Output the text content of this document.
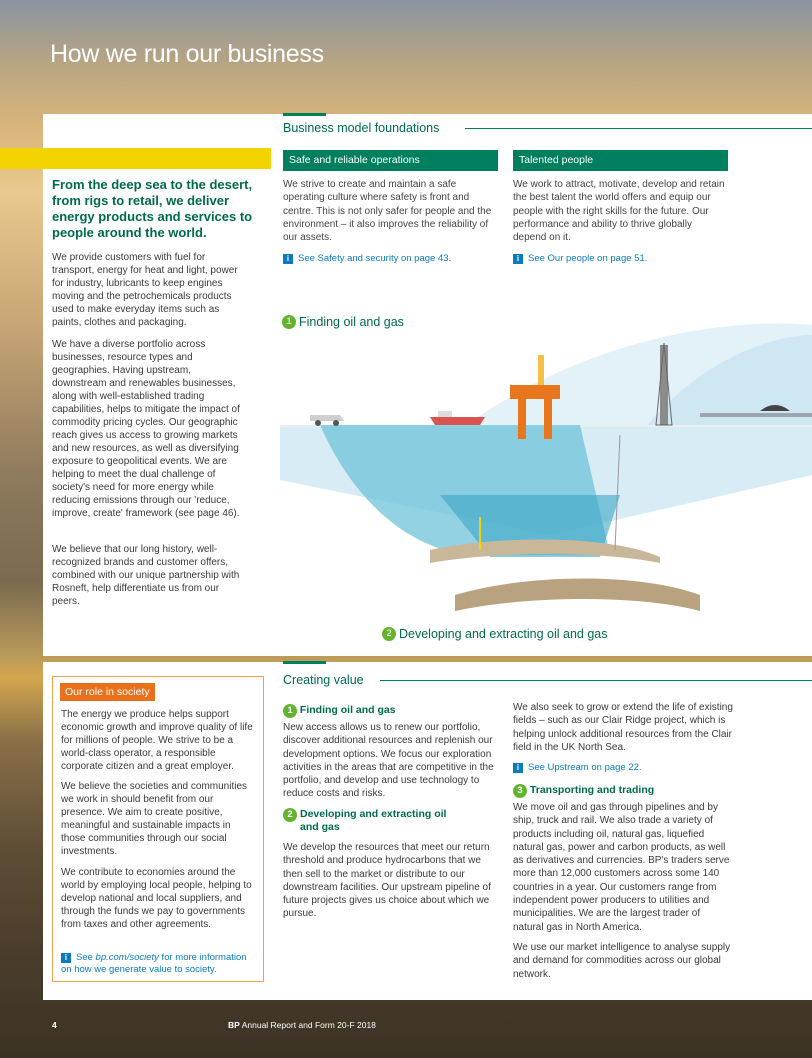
How we run our business
Business model foundations
From the deep sea to the desert, from rigs to retail, we deliver energy products and services to people around the world.
We provide customers with fuel for transport, energy for heat and light, power for industry, lubricants to keep engines moving and the petrochemicals products used to make everyday items such as paints, clothes and packaging.
We have a diverse portfolio across businesses, resource types and geographies. Having upstream, downstream and renewables businesses, along with well-established trading capabilities, helps to mitigate the impact of commodity pricing cycles. Our geographic reach gives us access to growing markets and new resources, as well as diversifying exposure to geopolitical events. We are helping to meet the dual challenge of society's need for more energy while reducing emissions through our 'reduce, improve, create' framework (see page 46).
We believe that our long history, well-recognized brands and customer offers, combined with our unique partnership with Rosneft, help differentiate us from our peers.
Safe and reliable operations
We strive to create and maintain a safe operating culture where safety is front and centre. This is not only safer for people and the environment – it also improves the reliability of our assets.
i See Safety and security on page 43.
Talented people
We work to attract, motivate, develop and retain the best talent the world offers and equip our people with the right skills for the future. Our performance and ability to thrive globally depend on it.
i See Our people on page 51.
1 Finding oil and gas
2 Developing and extracting oil and gas
Our role in society
The energy we produce helps support economic growth and improve quality of life for millions of people. We strive to be a world-class operator, a responsible corporate citizen and a great employer.
We believe the societies and communities we work in should benefit from our presence. We aim to create positive, meaningful and sustainable impacts in those communities through our social investments.
We contribute to economies around the world by employing local people, helping to develop national and local suppliers, and through the funds we pay to governments from taxes and other agreements.
i See bp.com/society for more information on how we generate value to society.
Creating value
1 Finding oil and gas
New access allows us to renew our portfolio, discover additional resources and replenish our development options. We focus our exploration activities in the areas that are competitive in the portfolio, and develop and use technology to reduce costs and risks.
2 Developing and extracting oil and gas
We develop the resources that meet our return threshold and produce hydrocarbons that we then sell to the market or distribute to our downstream facilities. Our upstream pipeline of future projects gives us choice about which we pursue.
We also seek to grow or extend the life of existing fields – such as our Clair Ridge project, which is helping unlock additional resources from the Clair field in the UK North Sea.
i See Upstream on page 22.
3 Transporting and trading
We move oil and gas through pipelines and by ship, truck and rail. We also trade a variety of products including oil, natural gas, liquefied natural gas, power and carbon products, as well as derivatives and currencies. BP's traders serve more than 12,000 customers across some 140 countries in a year. Our customers range from independent power producers to utilities and municipalities. We are the largest trader of natural gas in North America.
We use our market intelligence to analyse supply and demand for commodities across our global network.
4	BP Annual Report and Form 20-F 2018
